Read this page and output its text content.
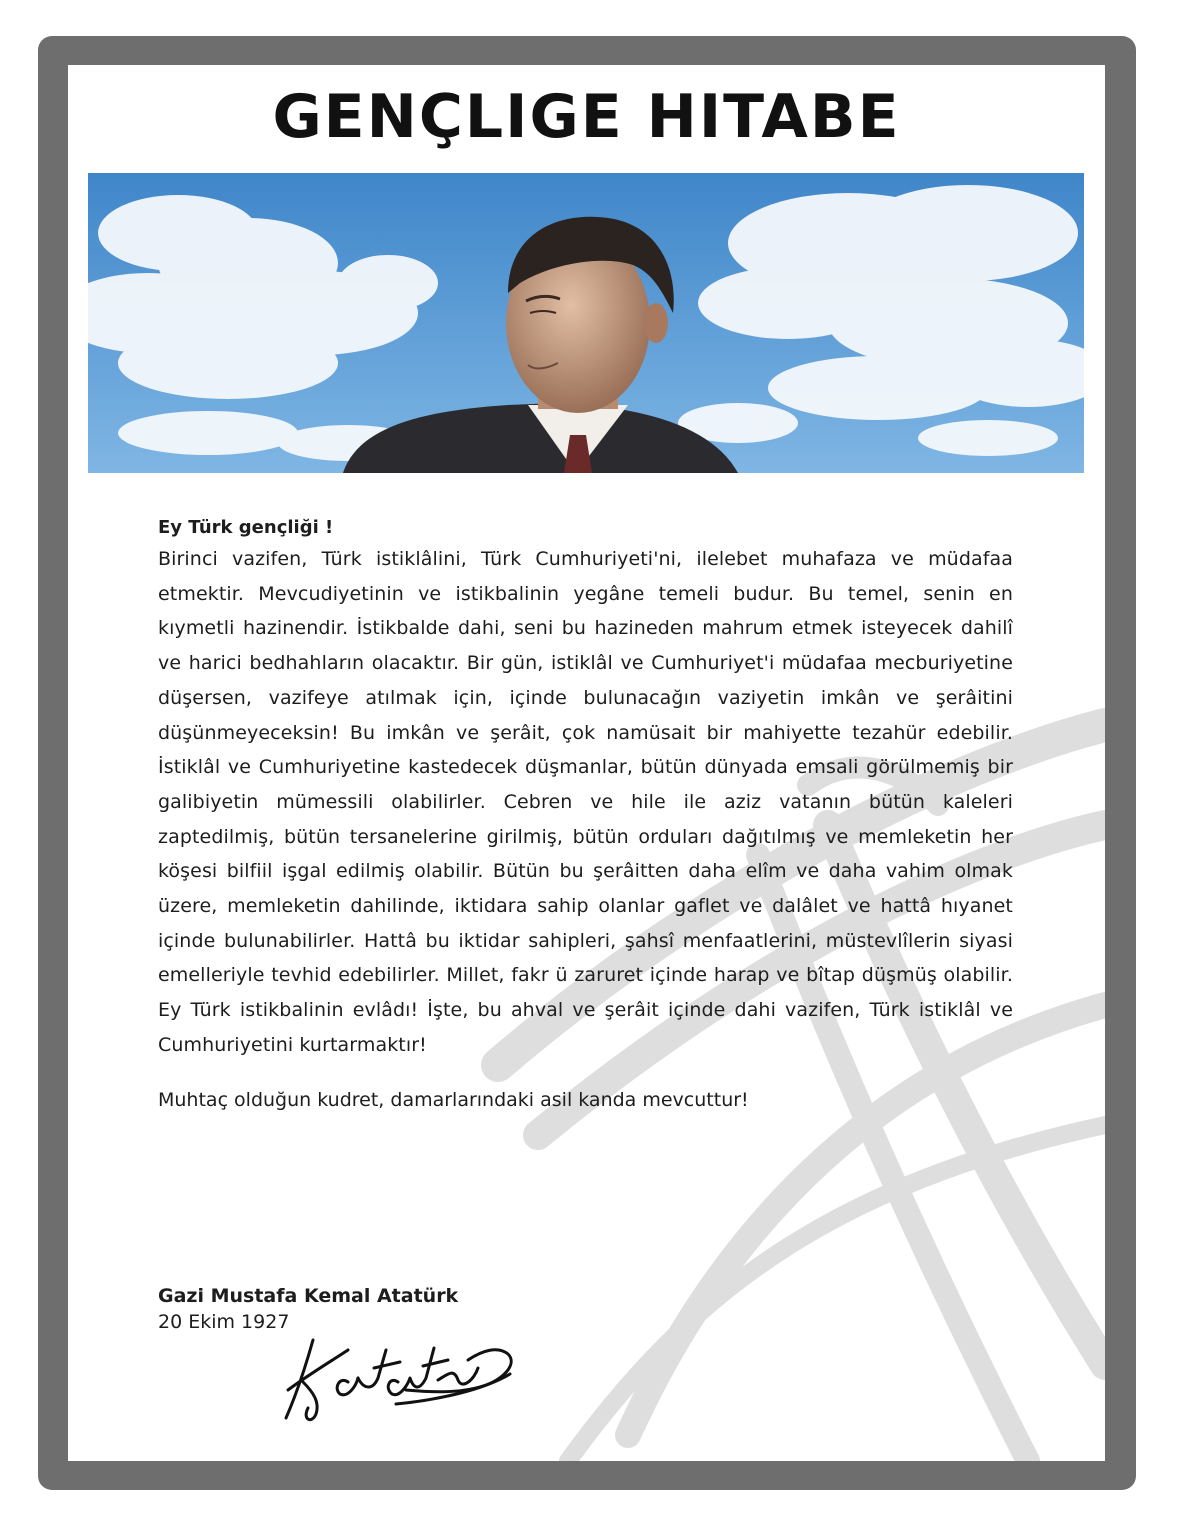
GENÇLIGE HITABE

Ey Türk gençliği !

Birinci vazifen, Türk istiklâlini, Türk Cumhuriyeti'ni, ilelebet muhafaza ve müdafaa etmektir. Mevcudiyetinin ve istikbalinin yegâne temeli budur. Bu temel, senin en kıymetli hazinendir. İstikbalde dahi, seni bu hazineden mahrum etmek isteyecek dahilî ve harici bedhahların olacaktır. Bir gün, istiklâl ve Cumhuriyet'i müdafaa mecburiyetine düşersen, vazifeye atılmak için, içinde bulunacağın vaziyetin imkân ve şerâitini düşünmeyeceksin! Bu imkân ve şerâit, çok namüsait bir mahiyette tezahür edebilir. İstiklâl ve Cumhuriyetine kastedecek düşmanlar, bütün dünyada emsali görülmemiş bir galibiyetin mümessili olabilirler. Cebren ve hile ile aziz vatanın bütün kaleleri zaptedilmiş, bütün tersanelerine girilmiş, bütün orduları dağıtılmış ve memleketin her köşesi bilfiil işgal edilmiş olabilir. Bütün bu şerâitten daha elîm ve daha vahim olmak üzere, memleketin dahilinde, iktidara sahip olanlar gaflet ve dalâlet ve hattâ hıyanet içinde bulunabilirler. Hattâ bu iktidar sahipleri, şahsî menfaatlerini, müstevlîlerin siyasi emelleriyle tevhid edebilirler. Millet, fakr ü zaruret içinde harap ve bîtap düşmüş olabilir. Ey Türk istikbalinin evlâdı! İşte, bu ahval ve şerâit içinde dahi vazifen, Türk istiklâl ve Cumhuriyetini kurtarmaktır!

Muhtaç olduğun kudret, damarlarındaki asil kanda mevcuttur!

Gazi Mustafa Kemal Atatürk

20 Ekim 1927
